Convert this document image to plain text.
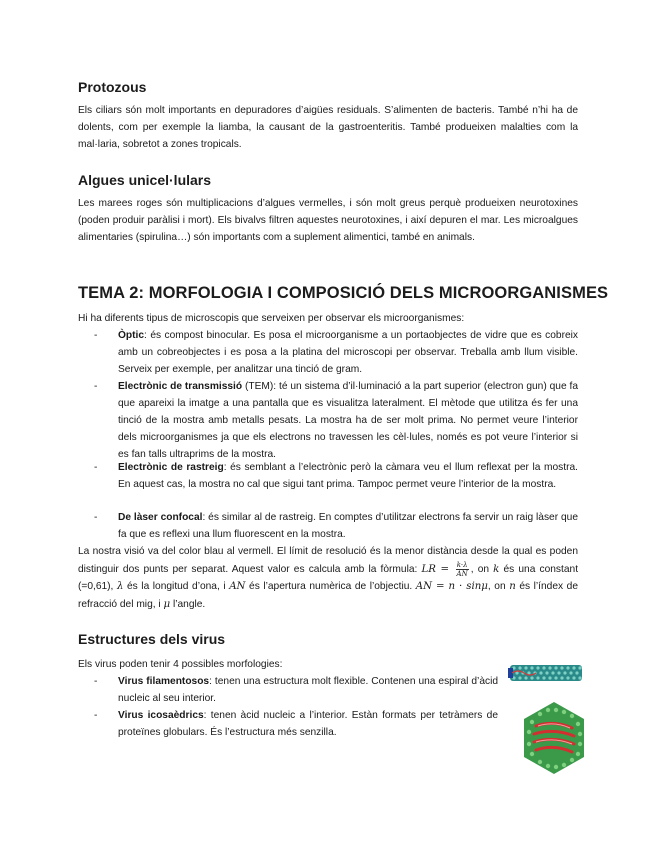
Protozous

Els ciliars són molt importants en depuradores d’aigües residuals. S’alimenten de bacteris. També n’hi ha de dolents, com per exemple la liamba, la causant de la gastroenteritis. També produeixen malalties com la mal·laria, sobretot a zones tropicals.

Algues unicel·lulars

Les marees roges són multiplicacions d’algues vermelles, i són molt greus perquè produeixen neurotoxines (poden produir paràlisi i mort). Els bivalvs filtren aquestes neurotoxines, i així depuren el mar. Les microalgues alimentaries (spirulina…) són importants com a suplement alimentici, també en animals.

TEMA 2: MORFOLOGIA I COMPOSICIÓ DELS MICROORGANISMES

Hi ha diferents tipus de microscopis que serveixen per observar els microorganismes:

- Òptic: és compost binocular. Es posa el microorganisme a un portaobjectes de vidre que es cobreix amb un cobreobjectes i es posa a la platina del microscopi per observar. Treballa amb llum visible. Serveix per exemple, per analitzar una tinció de gram.
- Electrònic de transmissió (TEM): té un sistema d’il·luminació a la part superior (electron gun) que fa que apareixi la imatge a una pantalla que es visualitza lateralment. El mètode que utilitza és fer una tinció de la mostra amb metalls pesats. La mostra ha de ser molt prima. No permet veure l’interior dels microorganismes ja que els electrons no travessen les cèl·lules, només es pot veure l’interior si es fan talls ultraprims de la mostra.
- Electrònic de rastreig: és semblant a l’electrònic però la càmara veu el llum reflexat per la mostra. En aquest cas, la mostra no cal que sigui tant prima. Tampoc permet veure l’interior de la mostra.
- De làser confocal: és similar al de rastreig. En comptes d’utilitzar electrons fa servir un raig làser que fa que es reflexi una llum fluorescent en la mostra.

La nostra visió va del color blau al vermell. El límit de resolució és la menor distància desde la qual es poden distinguir dos punts per separat. Aquest valor es calcula amb la fòrmula: LR = $\frac{k\cdot\lambda}{AN}$ , on k és una constant (=0,61), λ és la longitud d’ona, i AN és l’apertura numèrica de l’objectiu. AN = n · sinμ, on n és l’índex de refracció del mig, i μ l’angle.

Estructures dels virus

Els virus poden tenir 4 possibles morfologies:

- Virus filamentosos: tenen una estructura molt flexible. Contenen una espiral d’àcid nucleic al seu interior.
- Virus icosaèdrics: tenen àcid nucleic a l’interior. Estàn formats per tetràmers de proteïnes globulars. És l’estructura més senzilla.
